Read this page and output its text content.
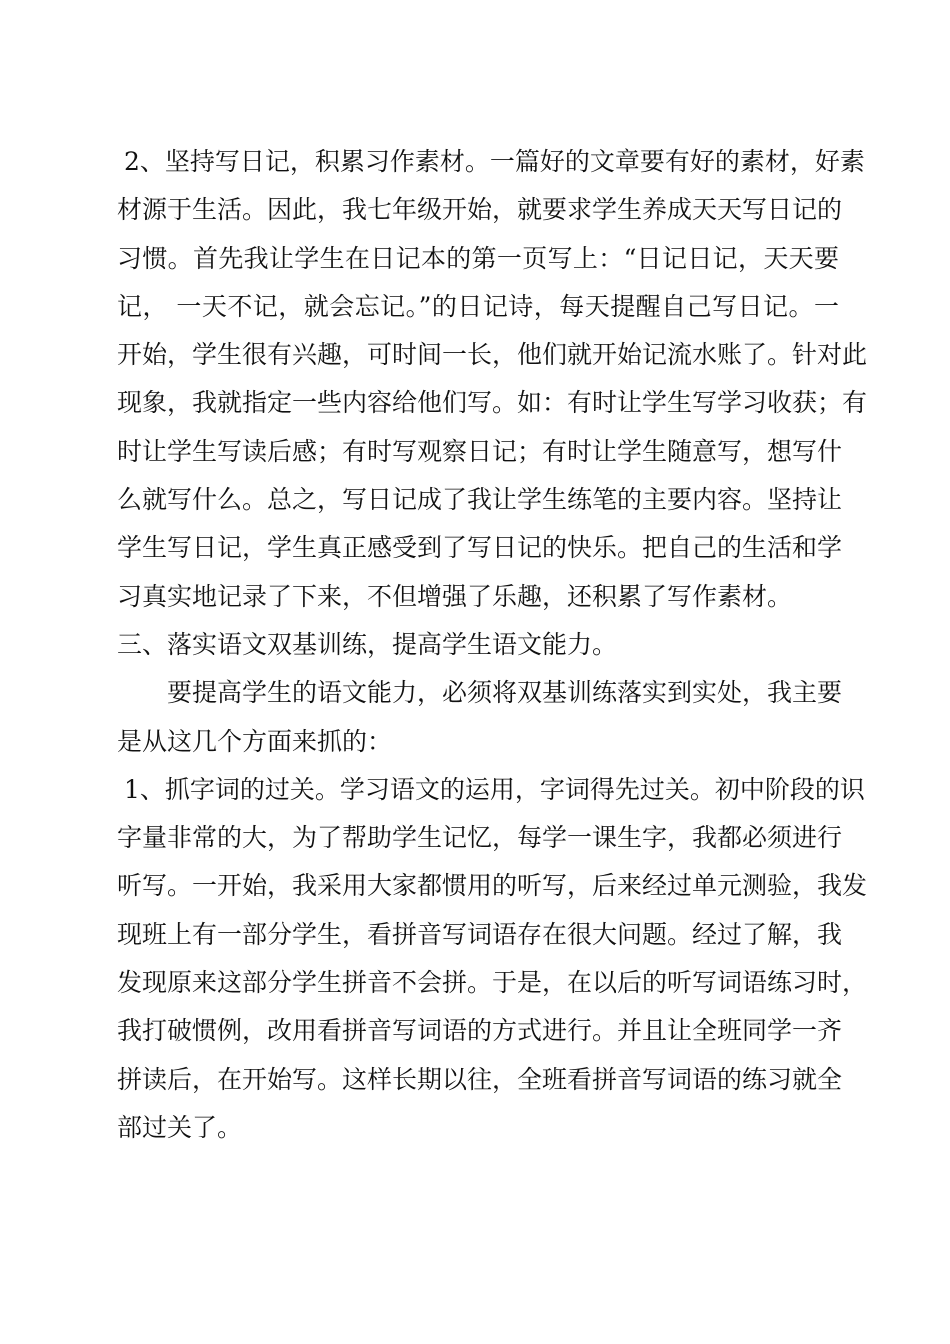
2、坚持写日记，积累习作素材。一篇好的文章要有好的素材，好素
材源于生活。因此，我七年级开始，就要求学生养成天天写日记的
习惯。首先我让学生在日记本的第一页写上：“日记日记，天天要
记， 一天不记，就会忘记。”的日记诗，每天提醒自己写日记。一
开始，学生很有兴趣，可时间一长，他们就开始记流水账了。针对此
现象，我就指定一些内容给他们写。如：有时让学生写学习收获；有
时让学生写读后感；有时写观察日记；有时让学生随意写，想写什
么就写什么。总之，写日记成了我让学生练笔的主要内容。坚持让
学生写日记，学生真正感受到了写日记的快乐。把自己的生活和学
习真实地记录了下来，不但增强了乐趣，还积累了写作素材。
三、落实语文双基训练，提高学生语文能力。
要提高学生的语文能力，必须将双基训练落实到实处，我主要
是从这几个方面来抓的：
1、抓字词的过关。学习语文的运用，字词得先过关。初中阶段的识
字量非常的大，为了帮助学生记忆，每学一课生字，我都必须进行
听写。一开始，我采用大家都惯用的听写，后来经过单元测验，我发
现班上有一部分学生，看拼音写词语存在很大问题。经过了解，我
发现原来这部分学生拼音不会拼。于是，在以后的听写词语练习时，
我打破惯例，改用看拼音写词语的方式进行。并且让全班同学一齐
拼读后，在开始写。这样长期以往，全班看拼音写词语的练习就全
部过关了。
